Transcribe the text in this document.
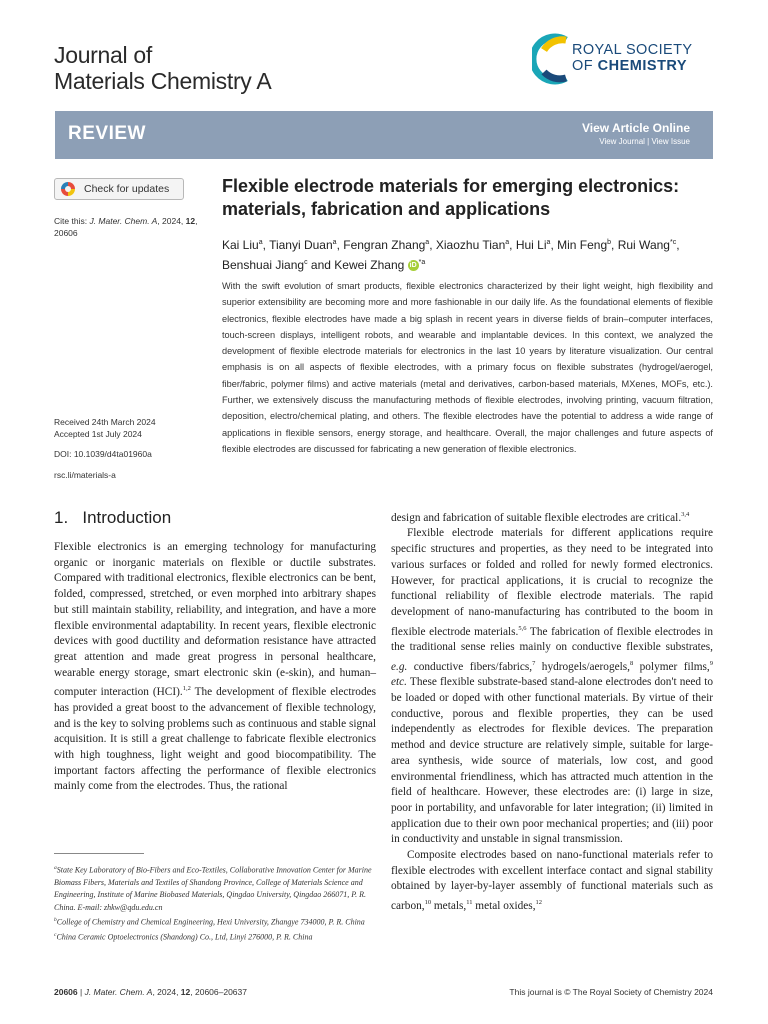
Journal of
Materials Chemistry A
ROYAL SOCIETY
OF CHEMISTRY
REVIEW	View Article Online
View Journal | View Issue
Check for updates
Cite this: J. Mater. Chem. A, 2024, 12,
20606
Received 24th March 2024
Accepted 1st July 2024
DOI: 10.1039/d4ta01960a
rsc.li/materials-a
Flexible electrode materials for emerging electronics: materials, fabrication and applications
Kai Liu$^a$, Tianyi Duan$^a$, Fengran Zhang$^a$, Xiaozhu Tian$^a$, Hui Li$^a$, Min Feng$^b$, Rui Wang$^{*c}$, Benshuai Jiang$^c$ and Kewei Zhang iD $^{*a}$
With the swift evolution of smart products, flexible electronics characterized by their light weight, high flexibility and superior extensibility are becoming more and more fashionable in our daily life. As the foundational elements of flexible electronics, flexible electrodes have made a big splash in recent years in diverse fields of brain–computer interfaces, touch-screen displays, intelligent robots, and wearable and implantable devices. In this context, we analyzed the development of flexible electrode materials for electronics in the last 10 years by literature visualization. Our central emphasis is on all aspects of flexible electrodes, with a primary focus on flexible substrates (hydrogel/aerogel, fiber/fabric, polymer films) and active materials (metal and derivatives, carbon-based materials, MXenes, MOFs, etc.). Further, we extensively discuss the manufacturing methods of flexible electrodes, involving printing, vacuum filtration, deposition, electro/chemical plating, and others. The flexible electrodes have the potential to address a wide range of applications in flexible sensors, energy storage, and healthcare. Overall, the major challenges and future aspects of flexible electrodes are discussed for fabricating a new generation of flexible electronics.
1. Introduction

Flexible electronics is an emerging technology for manufacturing organic or inorganic materials on flexible or ductile substrates. Compared with traditional electronics, flexible electronics can be bent, folded, compressed, stretched, or even morphed into arbitrary shapes but still maintain stability, reliability, and integration, and have a more flexible environmental adaptability. In recent years, flexible electronic devices with good ductility and deformation resistance have attracted great attention and made great progress in personal healthcare, wearable energy storage, smart electronic skin (e-skin), and human–computer interaction (HCI).$^{1,2}$ The development of flexible electrodes has provided a great boost to the advancement of flexible technology, and is the key to solving problems such as continuous and stable signal acquisition. It is still a great challenge to fabricate flexible electronics with high toughness, light weight and good biocompatibility. The important factors affecting the performance of flexible electronics mainly come from the electrodes. Thus, the rational

design and fabrication of suitable flexible electrodes are critical.$^{3,4}$

Flexible electrode materials for different applications require specific structures and properties, as they need to be integrated into various surfaces or folded and rolled for newly formed electronics. However, for practical applications, it is crucial to recognize the functional reliability of flexible electrode materials. The rapid development of nano-manufacturing has contributed to the boom in flexible electrode materials.$^{5,6}$ The fabrication of flexible electrodes in the traditional sense relies mainly on conductive flexible substrates, e.g. conductive fibers/fabrics,$^7$ hydrogels/aerogels,$^8$ polymer films,$^9$ etc. These flexible substrate-based stand-alone electrodes don't need to be loaded or doped with other functional materials. By virtue of their conductive, porous and flexible properties, they can be used independently as electrodes for flexible devices. The preparation method and device structure are relatively simple, suitable for large-area synthesis, wide source of materials, low cost, and good environmental friendliness, which has attracted much attention in the field of healthcare. However, these electrodes are: (i) large in size, poor in portability, and unfavorable for later integration; (ii) limited in application due to their own poor mechanical properties; and (iii) poor in conductivity and unstable in signal transmission.

Composite electrodes based on nano-functional materials refer to flexible electrodes with excellent interface contact and signal stability obtained by layer-by-layer assembly of functional materials such as carbon,$^{10}$ metals,$^{11}$ metal oxides,$^{12}$

$^a$State Key Laboratory of Bio-Fibers and Eco-Textiles, Collaborative Innovation Center for Marine Biomass Fibers, Materials and Textiles of Shandong Province, College of Materials Science and Engineering, Institute of Marine Biobased Materials, Qingdao University, Qingdao 266071, P. R. China. E-mail: zhkw@qdu.edu.cn

$^b$College of Chemistry and Chemical Engineering, Hexi University, Zhangye 734000, P. R. China

$^c$China Ceramic Optoelectronics (Shandong) Co., Ltd, Linyi 276000, P. R. China

20606 | J. Mater. Chem. A, 2024, 12, 20606–20637	This journal is © The Royal Society of Chemistry 2024
